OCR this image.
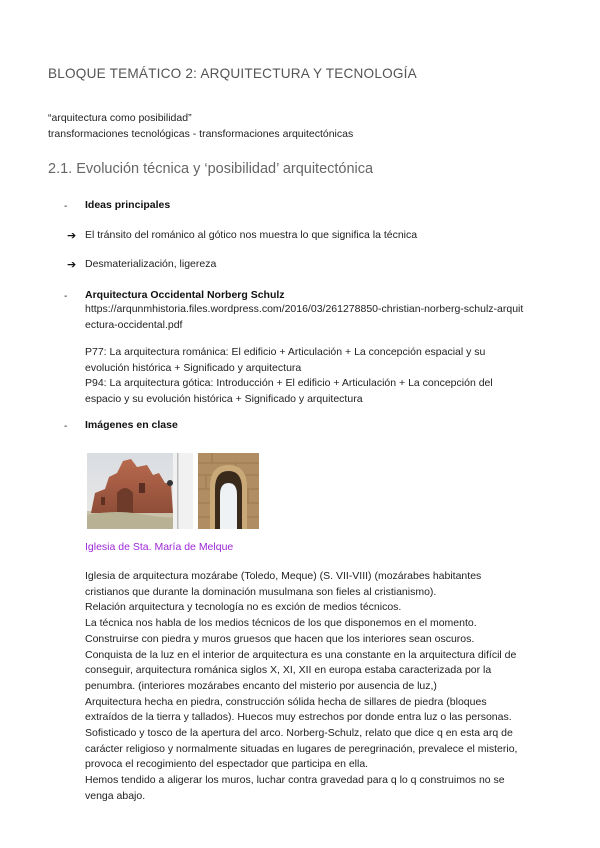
BLOQUE TEMÁTICO 2: ARQUITECTURA Y TECNOLOGÍA
“arquitectura como posibilidad”
transformaciones tecnológicas - transformaciones arquitectónicas
2.1. Evolución técnica y ‘posibilidad’ arquitectónica
- Ideas principales
➔ El tránsito del románico al gótico nos muestra lo que significa la técnica
➔ Desmaterialización, ligereza
- Arquitectura Occidental Norberg Schulz
https://arqunmhistoria.files.wordpress.com/2016/03/261278850-christian-norberg-schulz-arquit
ectura-occidental.pdf
P77: La arquitectura románica: El edificio + Articulación + La concepción espacial y su
evolución histórica + Significado y arquitectura
P94: La arquitectura gótica: Introducción + El edificio + Articulación + La concepción del
espacio y su evolución histórica + Significado y arquitectura
- Imágenes en clase
Iglesia de Sta. María de Melque
Iglesia de arquitectura mozárabe (Toledo, Meque) (S. VII-VIII) (mozárabes habitantes
cristianos que durante la dominación musulmana son fieles al cristianismo).
Relación arquitectura y tecnología no es exción de medios técnicos.
La técnica nos habla de los medios técnicos de los que disponemos en el momento.
Construirse con piedra y muros gruesos que hacen que los interiores sean oscuros.
Conquista de la luz en el interior de arquitectura es una constante en la arquitectura difícil de
conseguir, arquitectura románica siglos X, XI, XII en europa estaba caracterizada por la
penumbra. (interiores mozárabes encanto del misterio por ausencia de luz,)
Arquitectura hecha en piedra, construcción sólida hecha de sillares de piedra (bloques
extraídos de la tierra y tallados). Huecos muy estrechos por donde entra luz o las personas.
Sofisticado y tosco de la apertura del arco. Norberg-Schulz, relato que dice q en esta arq de
carácter religioso y normalmente situadas en lugares de peregrinación, prevalece el misterio,
provoca el recogimiento del espectador que participa en ella.
Hemos tendido a aligerar los muros, luchar contra gravedad para q lo q construimos no se
venga abajo.
